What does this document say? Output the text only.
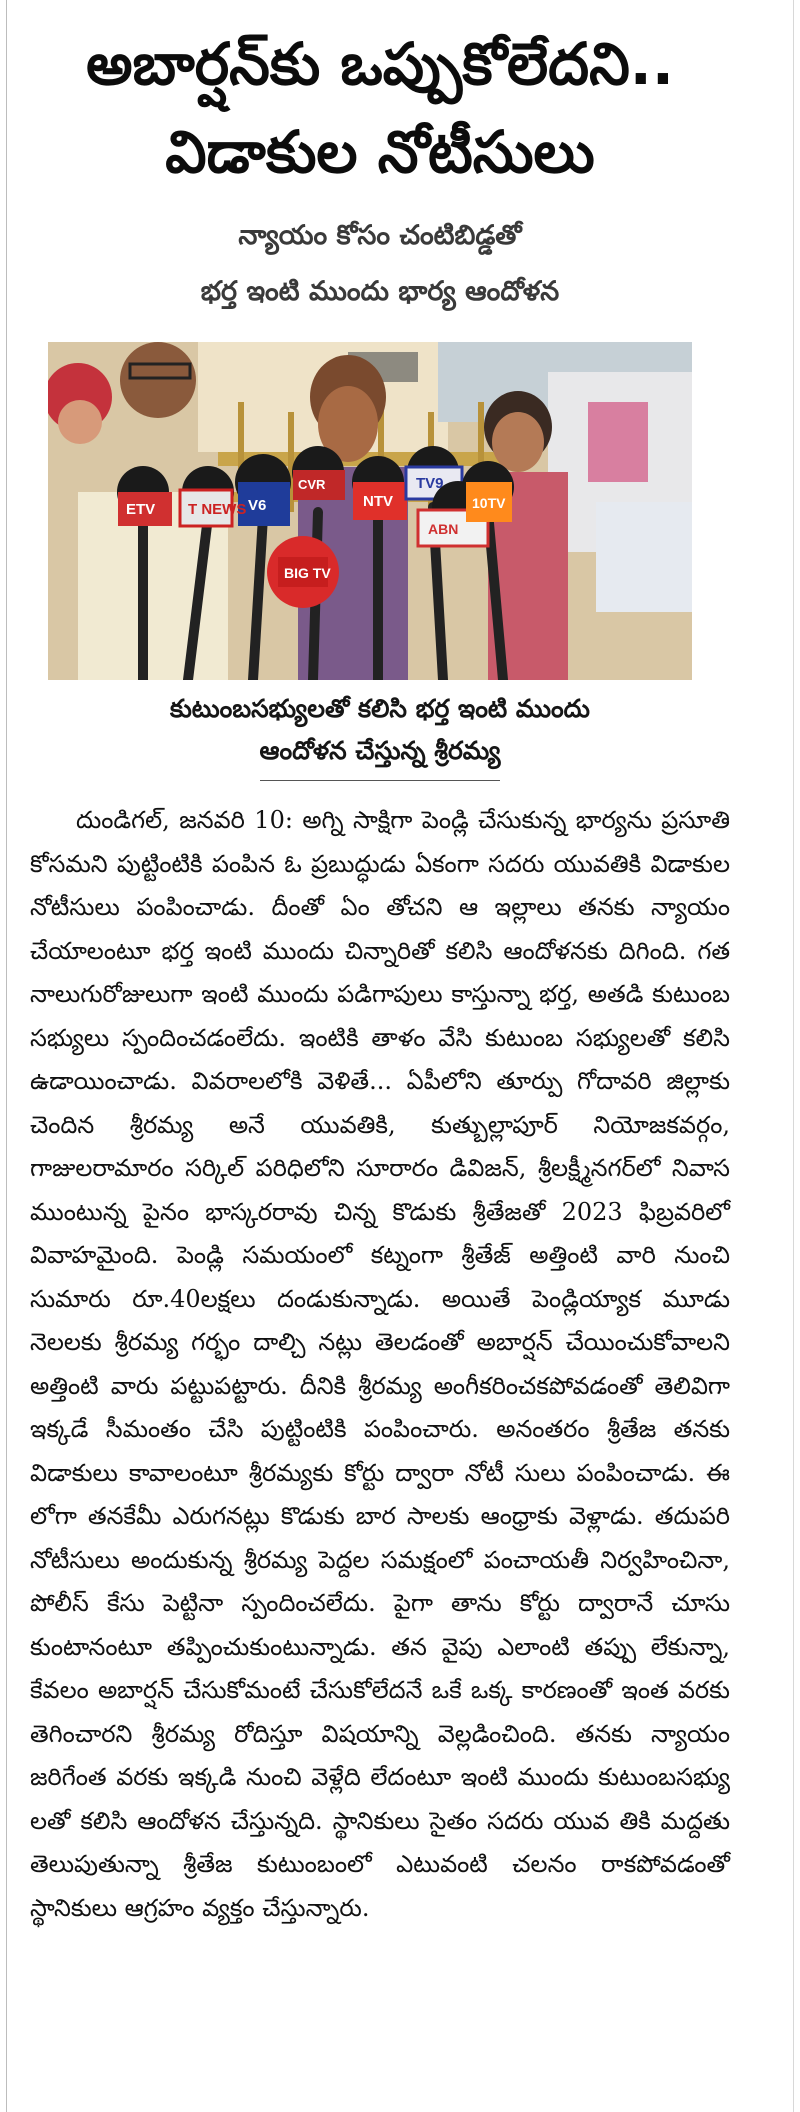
అబార్షన్‌కు ఒప్పుకోలేదని.. విడాకుల నోటీసులు
న్యాయం కోసం చంటిబిడ్డతో
భర్త ఇంటి ముందు భార్య ఆందోళన
ETV T NEWS V6
CVR
NTV
TV9
ABN
10TV
BIG TV
కుటుంబసభ్యులతో కలిసి భర్త ఇంటి ముందు
ఆందోళన చేస్తున్న శ్రీరమ్య

దుండిగల్, జనవరి 10: అగ్ని సాక్షిగా పెండ్లి చేసుకున్న భార్యను ప్రసూతి కోసమని పుట్టింటికి పంపిన ఓ ప్రబుద్ధుడు ఏకంగా సదరు యువతికి విడాకుల నోటీసులు పంపించాడు. దీంతో ఏం తోచని ఆ ఇల్లాలు తనకు న్యాయం చేయాలంటూ భర్త ఇంటి ముందు చిన్నారితో కలిసి ఆందోళనకు దిగింది. గత నాలుగురోజులుగా ఇంటి ముందు పడిగాపులు కాస్తున్నా భర్త, అతడి కుటుంబ సభ్యులు స్పందించడంలేదు. ఇంటికి తాళం వేసి కుటుంబ సభ్యులతో కలిసి ఉడాయించాడు. వివరాలలోకి వెళితే... ఏపీలోని తూర్పు గోదావరి జిల్లాకు చెందిన శ్రీరమ్య అనే యువతికి, కుత్బుల్లాపూర్ నియోజకవర్గం, గాజులరామారం సర్కిల్ పరిధిలోని సూరారం డివిజన్, శ్రీలక్ష్మీనగర్‌లో నివాస ముంటున్న పైనం భాస్కరరావు చిన్న కొడుకు శ్రీతేజతో 2023 ఫిబ్రవరిలో వివాహమైంది. పెండ్లి సమయంలో కట్నంగా శ్రీతేజ్ అత్తింటి వారి నుంచి సుమారు రూ.40లక్షలు దండుకున్నాడు. అయితే పెండ్లియ్యాక మూడు నెలలకు శ్రీరమ్య గర్భం దాల్చి నట్లు తెలడంతో అబార్షన్ చేయించుకోవాలని అత్తింటి వారు పట్టుపట్టారు. దీనికి శ్రీరమ్య అంగీకరించకపోవడంతో తెలివిగా ఇక్కడే సీమంతం చేసి పుట్టింటికి పంపించారు. అనంతరం శ్రీతేజ తనకు విడాకులు కావాలంటూ శ్రీరమ్యకు కోర్టు ద్వారా నోటీ సులు పంపించాడు. ఈ లోగా తనకేమీ ఎరుగనట్లు కొడుకు బార సాలకు ఆంధ్రాకు వెళ్లాడు. తదుపరి నోటీసులు అందుకున్న శ్రీరమ్య పెద్దల సమక్షంలో పంచాయతీ నిర్వహించినా, పోలీస్ కేసు పెట్టినా స్పందించలేదు. పైగా తాను కోర్టు ద్వారానే చూసు కుంటానంటూ తప్పించుకుంటున్నాడు. తన వైపు ఎలాంటి తప్పు లేకున్నా, కేవలం అబార్షన్ చేసుకోమంటే చేసుకోలేదనే ఒకే ఒక్క కారణంతో ఇంత వరకు తెగించారని శ్రీరమ్య రోదిస్తూ విషయాన్ని వెల్లడించింది. తనకు న్యాయం జరిగేంత వరకు ఇక్కడి నుంచి వెళ్లేది లేదంటూ ఇంటి ముందు కుటుంబసభ్యు లతో కలిసి ఆందోళన చేస్తున్నది. స్థానికులు సైతం సదరు యువ తికి మద్దతు తెలుపుతున్నా శ్రీతేజ కుటుంబంలో ఎటువంటి చలనం రాకపోవడంతో స్థానికులు ఆగ్రహం వ్యక్తం చేస్తున్నారు.
